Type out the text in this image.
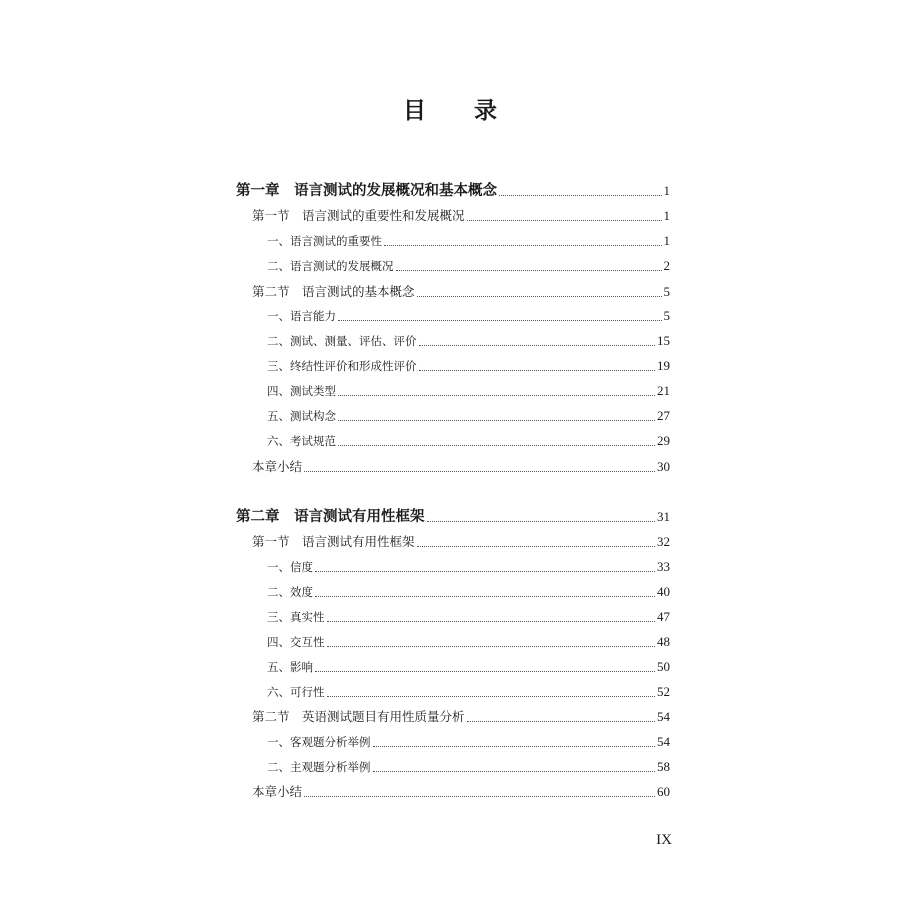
目 录
第一章　语言测试的发展概况和基本概念	1
第一节　语言测试的重要性和发展概况	1
一、语言测试的重要性	1
二、语言测试的发展概况	2
第二节　语言测试的基本概念	5
一、语言能力	5
二、测试、测量、评估、评价	15
三、终结性评价和形成性评价	19
四、测试类型	21
五、测试构念	27
六、考试规范	29
本章小结	30
第二章　语言测试有用性框架	31
第一节　语言测试有用性框架	32
一、信度	33
二、效度	40
三、真实性	47
四、交互性	48
五、影响	50
六、可行性	52
第二节　英语测试题目有用性质量分析	54
一、客观题分析举例	54
二、主观题分析举例	58
本章小结	60
IX
